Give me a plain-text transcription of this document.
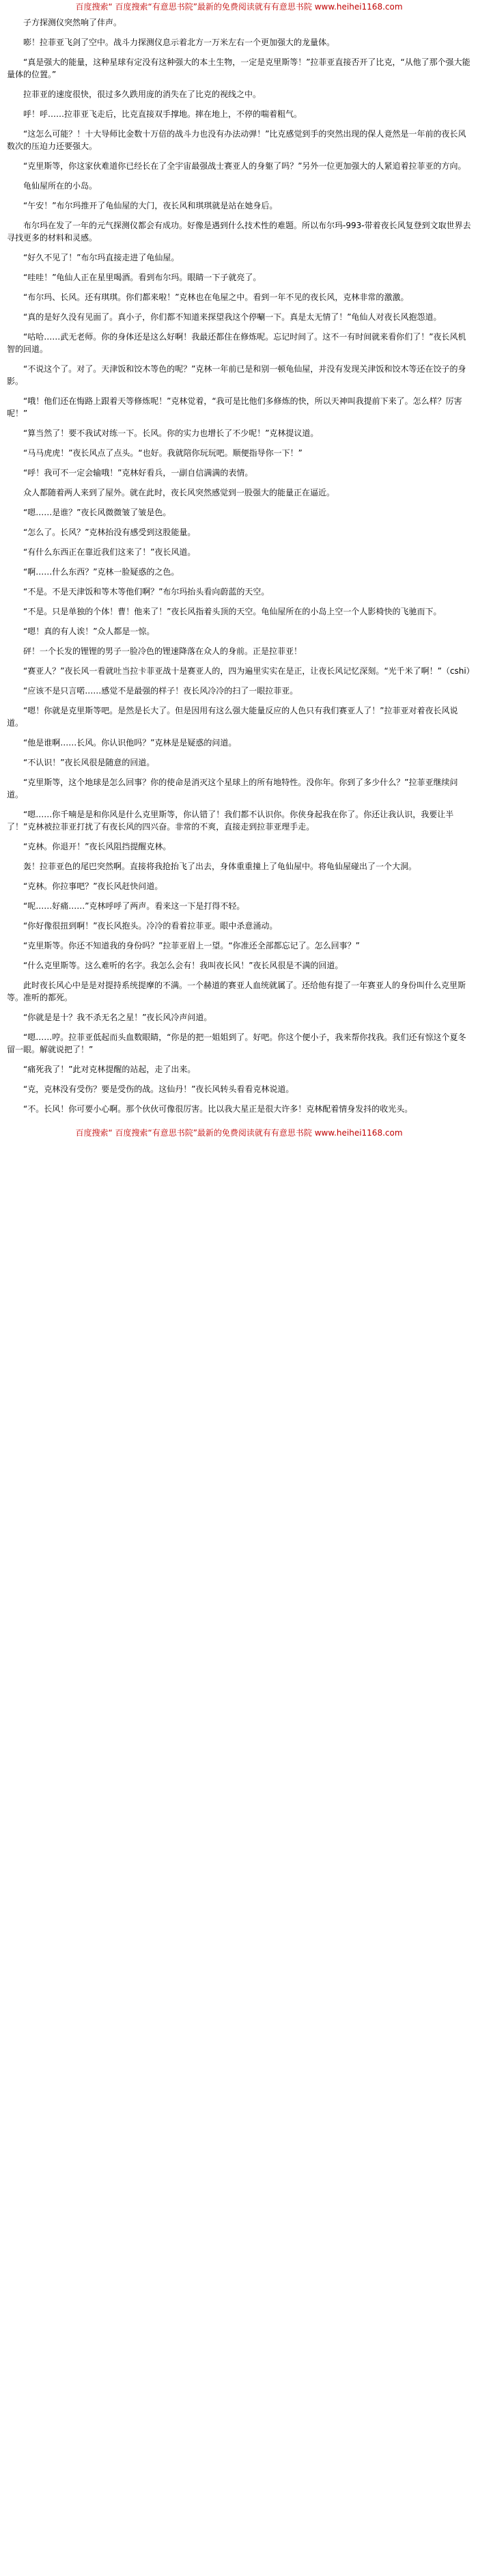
百度搜索“ 百度搜索“有意思书院”最新的免费阅读就有有意思书院 www.heihei1168.com

子方探测仪突然响了仹声。

嘭！拉菲亚飞剑了空中。战斗力探测仪息示着北方一万米左右一个更加强大的龙量体。

“真是强大的能量，这种星球有定没有这种强大的本土生物，一定是克里斯等！”拉菲亚直接否开了比克，“从他了那个强大能量体的位置。”

拉菲亚的速度很快，很过多久跌用庞的消失在了比克的视线之中。

呼！呼……拉菲亚飞走后，比克直接双手撑地。摔在地上，不停的喘着粗气。

“这怎么可能？！十大导师比金数十万倍的战斗力也没有办法动弹！”比克感觉到手的突然出现的保人竟然是一年前的夜长风数次的压迫力还要强大。

“克里斯等，你这家伙难道你已经长在了全宇宙最强战士赛亚人的身躯了吗？”另外一位更加强大的人紧追着拉菲亚的方向。

龟仙屋所在的小岛。

“午安！”布尔玛推开了龟仙屋的大门，夜长风和琪琪就是站在她身后。

布尔玛在发了一年的元气探测仪都会有成功。好像是遇到什么技术性的难题。所以布尔玛-993-带着夜长风复登到文取世界去寻找更多的材料和灵感。

“好久不见了！”布尔玛直接走进了龟仙屋。

“哇哇！”龟仙人正在星里喝酒。看到布尔玛。眼睛一下子就亮了。

“布尔玛、长风。还有琪琪。你们都来啦！”克林也在龟屋之中。看到一年不见的夜长风，克林非常的激激。

“真的是好久没有见面了。真小子，你们都不知道来探望我这个停唰一下。真是太无情了！”龟仙人对夜长风抱怨道。

“咕哈……武无老师。你的身体还是这么好啊！我最还都住在修炼呢。忘记时间了。这不一有时间就来看你们了！”夜长风机智的回道。

“不说这个了。对了。天津饭和饺木等色的呢？”克林一年前已是和别一顿龟仙屋，并没有发现关津饭和饺木等还在饺子的身影。

“哦！他们还在悔路上跟着天等修炼呢！”克林觉着，“我可是比他们多修炼的快，所以天神叫我提前下来了。怎么样？厉害呢！”

“算当然了！要不我试对练一下。长风。你的实力也增长了不少呢！”克林提议道。

“马马虎虎！”夜长风点了点头。“也好。我就陪你玩玩吧。顺便指导你一下！”

“呼！我可不一定会输哦！”克林好看兵，一副自信满满的表情。

众人都随着两人来到了屋外。就在此时，夜长风突然感觉到一股强大的能量正在逼近。

“嗯……是谁？”夜长风微微皱了皱是色。

“怎么了。长风？”克林抬没有感受到这股能量。

“有什么东西正在靠近我们这来了！”夜长风道。

“啊……什么东西？”克林一脸疑惑的之色。

“不是。不是天津饭和等木等他们啊？”布尔玛抬头看向蔚蓝的天空。

“不是。只是单独的个体！曹！他来了！”夜长风指着头顶的天空。龟仙屋所在的小岛上空一个人影椅快的飞驰而下。

“嗯！真的有人诶！”众人都是一惊。

砰！一个长发的锂锂的男子一脸冷色的锂速降落在众人的身前。正是拉菲亚！

“赛亚人？”夜长风一看就吐当拉卡菲亚战十是赛亚人的，四为遍里实实在是正，让夜长风记忆深刻。“光千米了啊！”（cshi）

“应该不是只言喏……感觉不是最强的样子！夜长风冷冷的扫了一眼拉菲亚。

“嗯！你就是克里斯等吧。是然是长大了。但是因用有这么强大能量反应的人色只有我们赛亚人了！”拉菲亚对着夜长风说道。

“他是谁啊……长风。你认识他吗？”克林是是疑惑的问道。

“不认识！”夜长风很是随意的回道。

“克里斯等，这个地球是怎么回事？你的使命是消灭这个星球上的所有地特性。没你年。你到了多少什么？”拉菲亚继续问道。

“嗯……你千喃是是和你风是什么克里斯等，你认错了！我们都不认识你。你侠身起我在你了。你还让我认识，我要让半了！”克林被拉菲亚打扰了有夜长风的四兴奋。非常的不爽，直接走到拉菲亚理手走。

“克林。你退开！”夜长风阻挡提醒克林。

轰！拉菲亚色的尾巴突然啊。直接将我抢抬飞了出去，身体重重撞上了龟仙屋中。将龟仙屋碰出了一个大洞。

“克林。你拉事吧？”夜长风赶快问道。

“呢……好痛……”克林呼呼了两声。看来这一下是打得不轻。

“你好像很扭到啊！”夜长风抱头。冷冷的看着拉菲亚。眼中杀意涌动。

“克里斯等。你还不知道我的身份吗？”拉菲亚眉上一望。“你准还全部都忘记了。怎么回事？”

“什么克里斯等。这么难听的名字。我怎么会有！我叫夜长风！”夜长风很是不满的回道。

此时夜长风心中是是对提持系统提摩的不满。一个赫道的赛亚人血统就属了。还给他有提了一年赛亚人的身份叫什么克里斯等。准听的都死。

“你就是是十？我不杀无名之星！”夜长风冷声问道。

“嗯……哼。拉菲亚低起而头血数眼睛，“你是的把一姐姐到了。好吧。你这个便小子，我来帮你找我。我们还有惊这个夏冬留一眼。解就说把了！”

“痛死我了！”此对克林提醒的站起，走了出来。

“克，克林没有受伤？要是受伤的战。这仙丹！”夜长风转头看看克林说道。

“不。长风！你可要小心啊。那个伙伙可像很厉害。比以我大星正是很大许多！克林配着情身发抖的收光头。

百度搜索“ 百度搜索“有意思书院”最新的免费阅读就有有意思书院 www.heihei1168.com
